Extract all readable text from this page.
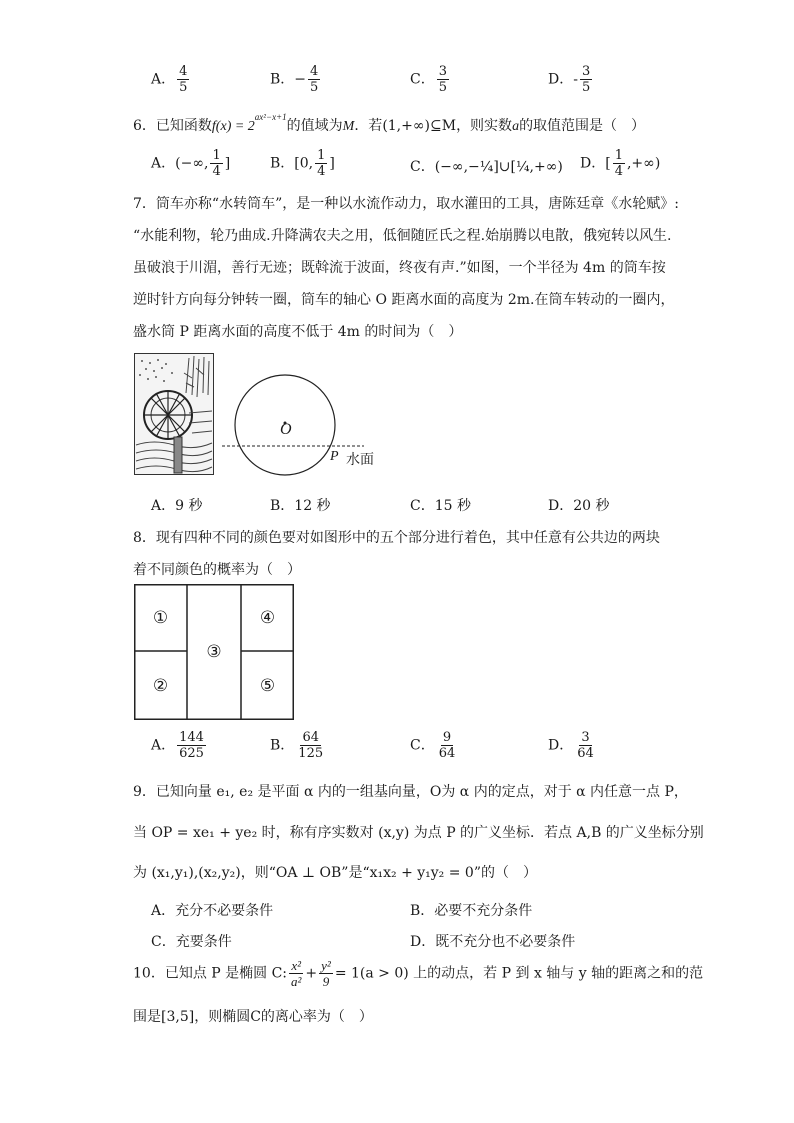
A． $\frac{4}{5}$	B．− $\frac{4}{5}$	C． $\frac{3}{5}$	D．- $\frac{3}{5}$
6．已知函数$f(x) = 2^{ax^2-x+1}$的值域为M．若(1,+∞)⊆M，则实数a的取值范围是（　）
A．(−∞, $\frac{1}{4}$ ]	B．[0, $\frac{1}{4}$ ]	C．(−∞,−¼]∪[¼,+∞) D．[ $\frac{1}{4}$ ,+∞)
7．筒车亦称“水转筒车”，是一种以水流作动力，取水灌田的工具，唐陈廷章《水轮赋》:
“水能利物，轮乃曲成.升降满农夫之用，低徊随匠氏之程.始崩腾以电散，俄宛转以风生.
虽破浪于川湄，善行无迹；既斡流于波面，终夜有声.”如图，一个半径为 4m 的筒车按
逆时针方向每分钟转一圈，筒车的轴心 O 距离水面的高度为 2m.在筒车转动的一圈内，
盛水筒 P 距离水面的高度不低于 4m 的时间为（　）
O
P 水面
A．9 秒	B．12 秒	C．15 秒	D．20 秒
8．现有四种不同的颜色要对如图形中的五个部分进行着色，其中任意有公共边的两块
着不同颜色的概率为（　）
①
②
③
④
⑤
A． $\frac{144}{625}$	B． $\frac{64}{125}$	C． $\frac{9}{64}$	D． $\frac{3}{64}$
9．已知向量 e₁, e₂ 是平面 α 内的一组基向量，O为 α 内的定点，对于 α 内任意一点 P，
当 OP = xe₁ + ye₂ 时，称有序实数对 (x,y) 为点 P 的广义坐标．若点 A,B 的广义坐标分别
为 (x₁,y₁),(x₂,y₂)，则“OA ⊥ OB”是“x₁x₂ + y₁y₂ = 0”的（　）
A．充分不必要条件	B．必要不充分条件
C．充要条件	D．既不充分也不必要条件
10．已知点 P 是椭圆 C: $\frac{\text{x²}}{\text{a²}} + \frac{\text{y²}}{9} = 1(a > 0)$ 上的动点，若 P 到 x 轴与 y 轴的距离之和的范
围是[3,5]，则椭圆C的离心率为（　）
